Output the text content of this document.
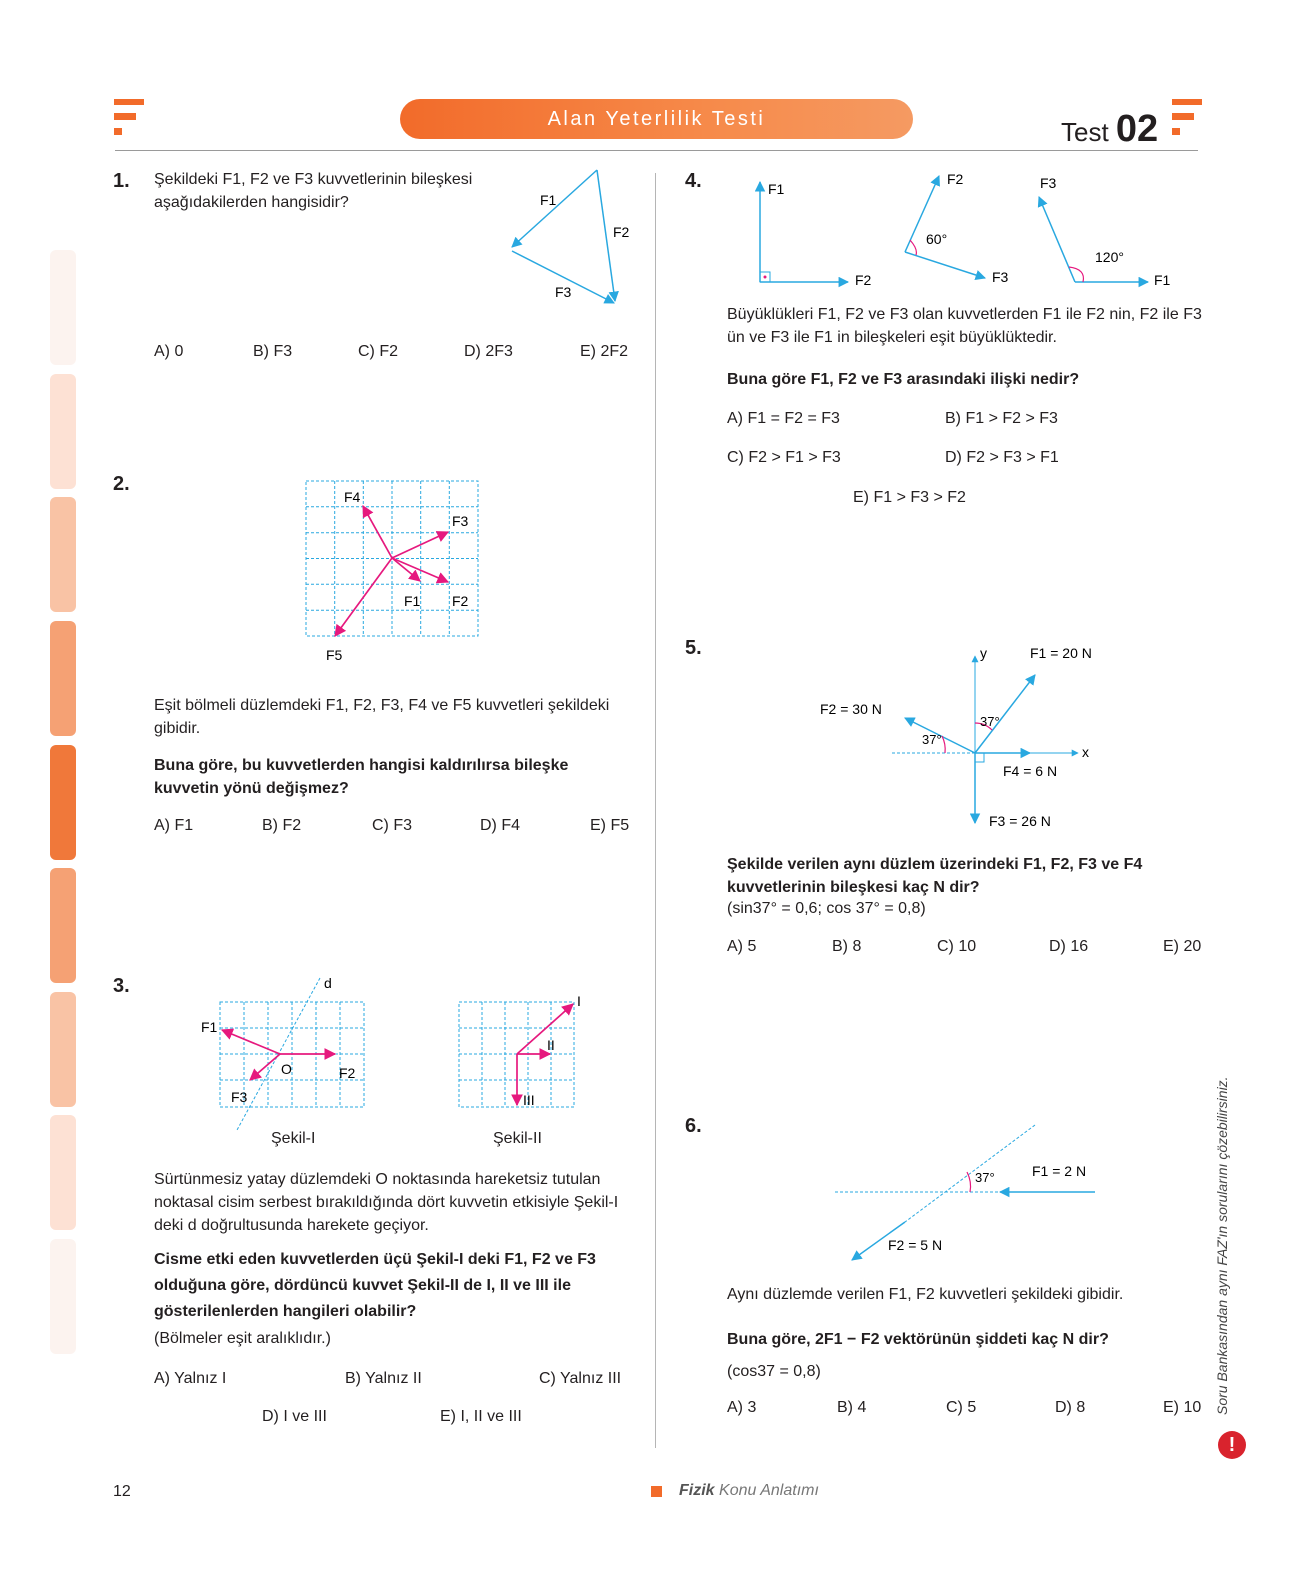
Alan Yeterlilik Testi	Test 02
1. Şekildeki F1, F2 ve F3 kuvvetlerinin bileşkesi aşağıdakilerden hangisidir?	F1
F2
F3
A) 0	B) F3	C) F2	D) 2F3	E) 2F2
2.
F4
F3
F1 F2
F5
Eşit bölmeli düzlemdeki F1, F2, F3, F4 ve F5 kuvvetleri şekildeki gibidir.
Buna göre, bu kuvvetlerden hangisi kaldırılırsa bileşke kuvvetin yönü değişmez?
A) F1	B) F2	C) F3	D) F4	E) F5
3.	d
F1
O	F2
F3
I
II
III
Şekil-I	Şekil-II
Sürtünmesiz yatay düzlemdeki O noktasında hareketsiz tutulan noktasal cisim serbest bırakıldığında dört kuvvetin etkisiyle Şekil-I deki d doğrultusunda harekete geçiyor.
Cisme etki eden kuvvetlerden üçü Şekil-I deki F1, F2 ve F3 olduğuna göre, dördüncü kuvvet Şekil-II de I, II ve III ile gösterilenlerden hangileri olabilir?
(Bölmeler eşit aralıklıdır.)
A) Yalnız I	B) Yalnız II	C) Yalnız III
D) I ve III	E) I, II ve III
4.	F1
F2
F2
60°
F3
F3
120°
F1
Büyüklükleri F1, F2 ve F3 olan kuvvetlerden F1 ile F2 nin, F2 ile F3 ün ve F3 ile F1 in bileşkeleri eşit büyüklüktedir.
Buna göre F1, F2 ve F3 arasındaki ilişki nedir?
A) F1 = F2 = F3	B) F1 > F2 > F3
C) F2 > F1 > F3	D) F2 > F3 > F1
E) F1 > F3 > F2
5.	y	F1 = 20 N
F2 = 30 N
37°
37°
x
F4 = 6 N
F3 = 26 N
Şekilde verilen aynı düzlem üzerindeki F1, F2, F3 ve F4 kuvvetlerinin bileşkesi kaç N dir?
(sin37° = 0,6; cos 37° = 0,8)
A) 5	B) 8	C) 10	D) 16	E) 20
6.
37°	F1 = 2 N
F2 = 5 N
Aynı düzlemde verilen F1, F2 kuvvetleri şekildeki gibidir.
Buna göre, 2F1 − F2 vektörünün şiddeti kaç N dir?
(cos37 = 0,8)
A) 3	B) 4	C) 5	D) 8	E) 10 Soru Bankasından aynı FAZ'ın sorularını çözebilirsiniz.
!
12	Fizik Konu Anlatımı
